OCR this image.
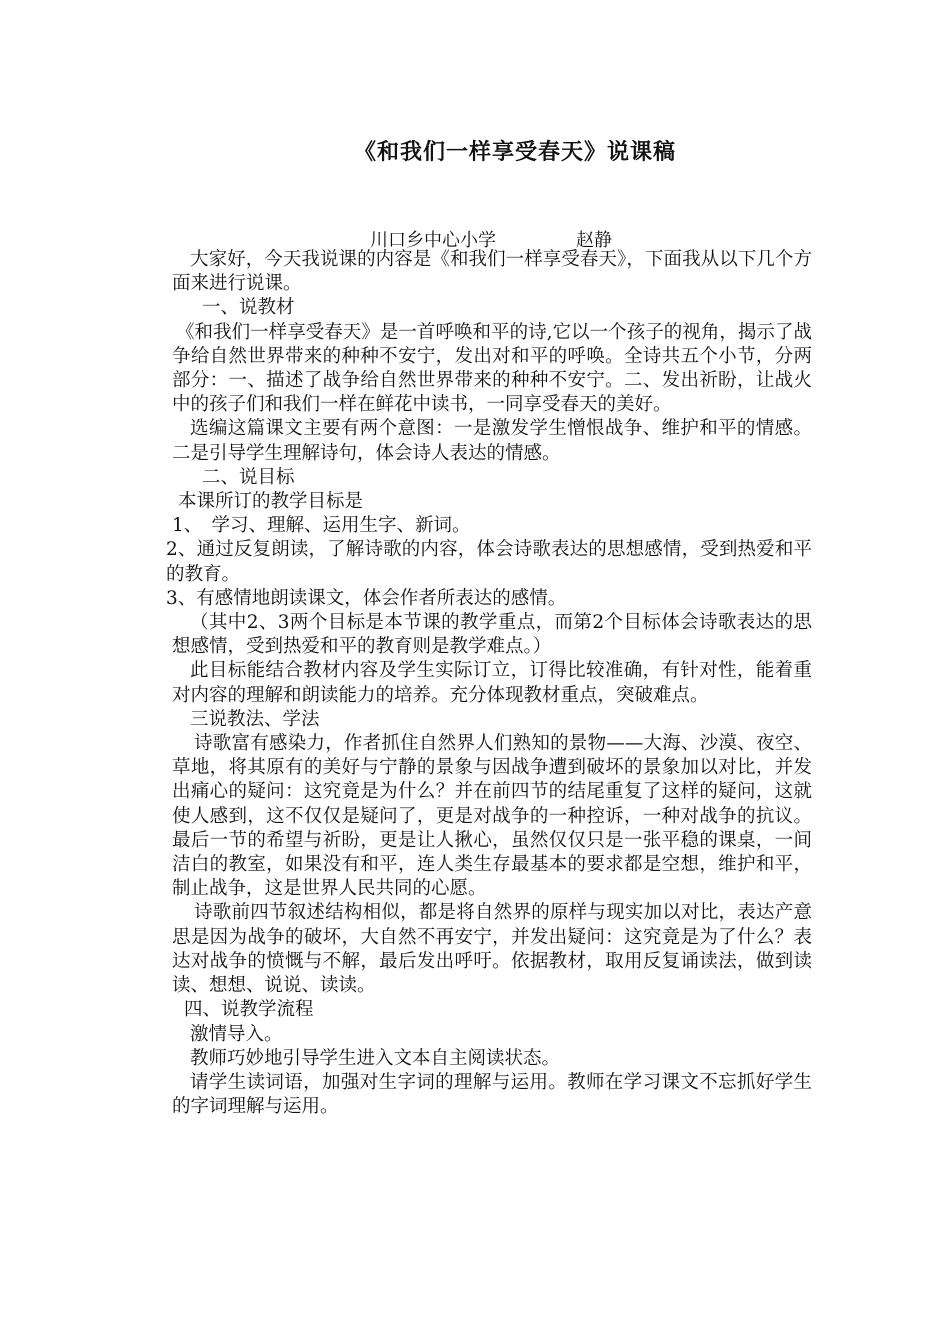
《和我们一样享受春天》说课稿
川口乡中心小学	赵静

大家好，今天我说课的内容是《和我们一样享受春天》，下面我从以下几个方面来进行说课。

一、说教材

《和我们一样享受春天》是一首呼唤和平的诗,它以一个孩子的视角，揭示了战争给自然世界带来的种种不安宁，发出对和平的呼唤。全诗共五个小节，分两部分：一、描述了战争给自然世界带来的种种不安宁。二、发出祈盼，让战火中的孩子们和我们一样在鲜花中读书，一同享受春天的美好。

选编这篇课文主要有两个意图：一是激发学生憎恨战争、维护和平的情感。二是引导学生理解诗句，体会诗人表达的情感。

二、说目标

本课所订的教学目标是

1、　学习、理解、运用生字、新词。

2、通过反复朗读，了解诗歌的内容，体会诗歌表达的思想感情，受到热爱和平的教育。

3、有感情地朗读课文，体会作者所表达的感情。

（其中2、3两个目标是本节课的教学重点，而第2个目标体会诗歌表达的思想感情，受到热爱和平的教育则是教学难点。）

此目标能结合教材内容及学生实际订立，订得比较准确，有针对性，能着重对内容的理解和朗读能力的培养。充分体现教材重点，突破难点。

三说教法、学法

诗歌富有感染力，作者抓住自然界人们熟知的景物——大海、沙漠、夜空、草地，将其原有的美好与宁静的景象与因战争遭到破坏的景象加以对比，并发出痛心的疑问：这究竟是为什么？并在前四节的结尾重复了这样的疑问，这就使人感到，这不仅仅是疑问了，更是对战争的一种控诉，一种对战争的抗议。最后一节的希望与祈盼，更是让人揪心，虽然仅仅只是一张平稳的课桌，一间洁白的教室，如果没有和平，连人类生存最基本的要求都是空想，维护和平，制止战争，这是世界人民共同的心愿。

诗歌前四节叙述结构相似，都是将自然界的原样与现实加以对比，表达产意思是因为战争的破坏，大自然不再安宁，并发出疑问：这究竟是为了什么？表达对战争的愤慨与不解，最后发出呼吁。依据教材，取用反复诵读法，做到读读、想想、说说、读读。

四、说教学流程

激情导入。

教师巧妙地引导学生进入文本自主阅读状态。

请学生读词语，加强对生字词的理解与运用。教师在学习课文不忘抓好学生的字词理解与运用。
